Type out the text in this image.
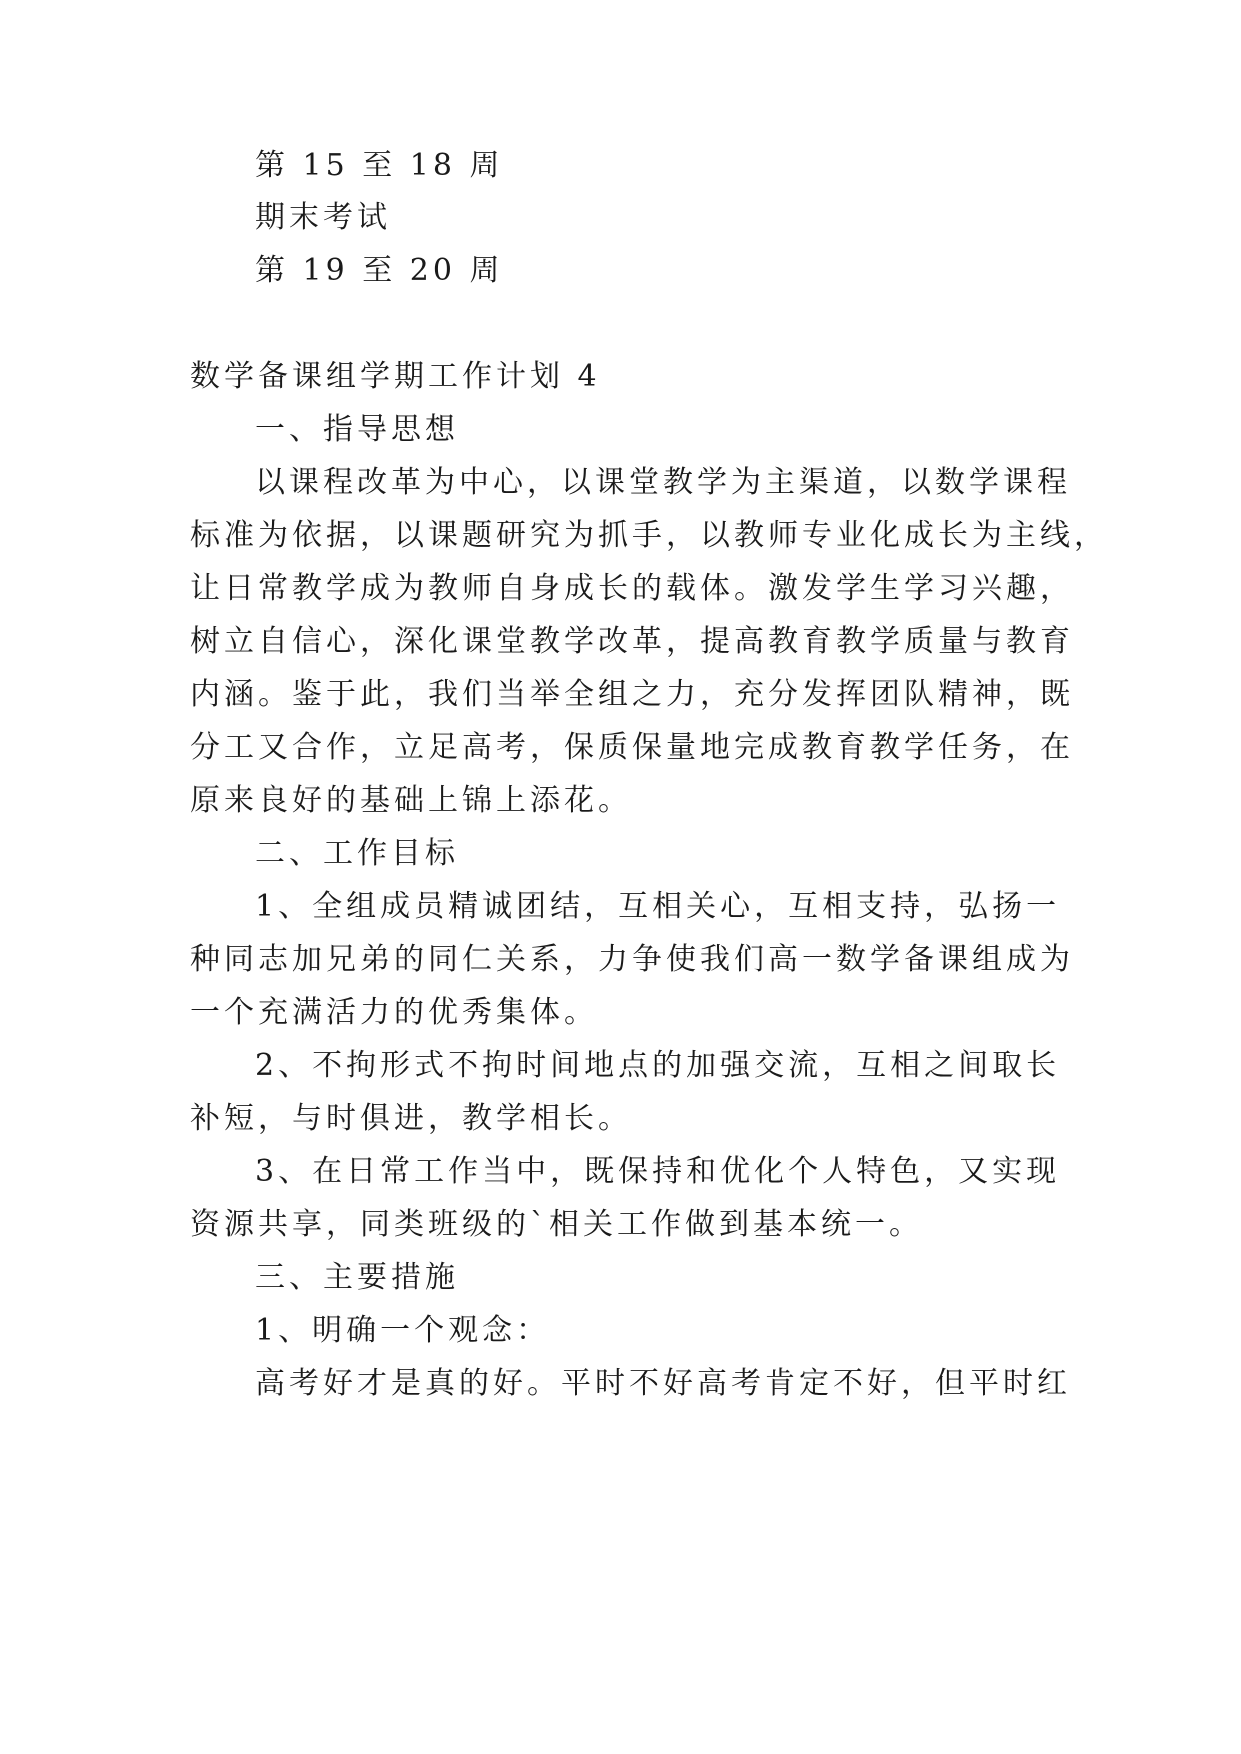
第 15 至 18 周
期末考试
第 19 至 20 周
数学备课组学期工作计划 4
一、指导思想
以课程改革为中心，以课堂教学为主渠道，以数学课程
标准为依据，以课题研究为抓手，以教师专业化成长为主线，
让日常教学成为教师自身成长的载体。激发学生学习兴趣，
树立自信心，深化课堂教学改革，提高教育教学质量与教育
内涵。鉴于此，我们当举全组之力，充分发挥团队精神，既
分工又合作，立足高考，保质保量地完成教育教学任务，在
原来良好的基础上锦上添花。
二、工作目标
1、全组成员精诚团结，互相关心，互相支持，弘扬一
种同志加兄弟的同仁关系，力争使我们高一数学备课组成为
一个充满活力的优秀集体。
2、不拘形式不拘时间地点的加强交流，互相之间取长
补短，与时俱进，教学相长。
3、在日常工作当中，既保持和优化个人特色，又实现
资源共享，同类班级的`相关工作做到基本统一。
三、主要措施
1、明确一个观念：
高考好才是真的好。平时不好高考肯定不好，但平时红
